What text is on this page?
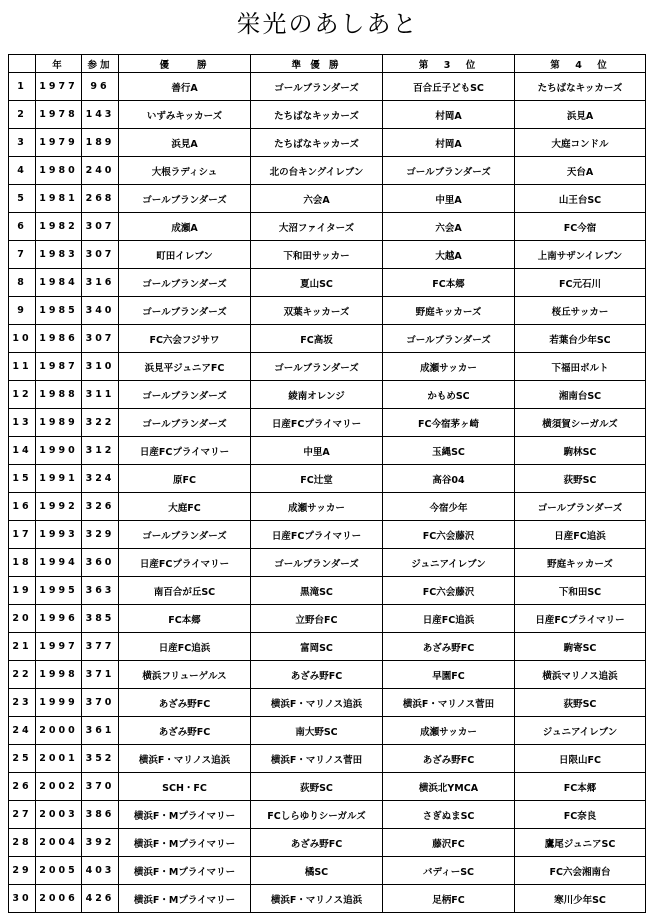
栄光のあしあと
	年	参加	優　　勝	準 優 勝	第　3　位	第　4　位
1	1977	96	善行A	ゴールブランダーズ	百合丘子どもSC	たちばなキッカーズ
2	1978	143	いずみキッカーズ	たちばなキッカーズ	村岡A	浜見A
3	1979	189	浜見A	たちばなキッカーズ	村岡A	大庭コンドル
4	1980	240	大根ラディシュ	北の台キングイレブン	ゴールブランダーズ	天台A
5	1981	268	ゴールブランダーズ	六会A	中里A	山王台SC
6	1982	307	成瀬A	大沼ファイターズ	六会A	FC今宿
7	1983	307	町田イレブン	下和田サッカー	大越A	上南サザンイレブン
8	1984	316	ゴールブランダーズ	夏山SC	FC本郷	FC元石川
9	1985	340	ゴールブランダーズ	双葉キッカーズ	野庭キッカーズ	桜丘サッカー
10	1986	307	FC六会フジサワ	FC高坂	ゴールブランダーズ	若葉台少年SC
11	1987	310	浜見平ジュニアFC	ゴールブランダーズ	成瀬サッカー	下福田ボルト
12	1988	311	ゴールブランダーズ	綾南オレンジ	かもめSC	湘南台SC
13	1989	322	ゴールブランダーズ	日産FCプライマリー	FC今宿茅ヶ崎	横須賀シーガルズ
14	1990	312	日産FCプライマリー	中里A	玉縄SC	駒林SC
15	1991	324	原FC	FC辻堂	高谷04	荻野SC
16	1992	326	大庭FC	成瀬サッカー	今宿少年	ゴールブランダーズ
17	1993	329	ゴールブランダーズ	日産FCプライマリー	FC六会藤沢	日産FC追浜
18	1994	360	日産FCプライマリー	ゴールブランダーズ	ジュニアイレブン	野庭キッカーズ
19	1995	363	南百合が丘SC	黒滝SC	FC六会藤沢	下和田SC
20	1996	385	FC本郷	立野台FC	日産FC追浜	日産FCプライマリー
21	1997	377	日産FC追浜	富岡SC	あざみ野FC	駒寄SC
22	1998	371	横浜フリューゲルス	あざみ野FC	早園FC	横浜マリノス追浜
23	1999	370	あざみ野FC	横浜F・マリノス追浜	横浜F・マリノス菅田	荻野SC
24	2000	361	あざみ野FC	南大野SC	成瀬サッカー	ジュニアイレブン
25	2001	352	横浜F・マリノス追浜	横浜F・マリノス菅田	あざみ野FC	日限山FC
26	2002	370	SCH・FC	荻野SC	横浜北YMCA	FC本郷
27	2003	386	横浜F・Mプライマリー	FCしらゆりシーガルズ	さぎぬまSC	FC奈良
28	2004	392	横浜F・Mプライマリー	あざみ野FC	藤沢FC	鷹尾ジュニアSC
29	2005	403	横浜F・Mプライマリー	橘SC	バディーSC	FC六会湘南台
30	2006	426	横浜F・Mプライマリー	横浜F・マリノス追浜	足柄FC	寒川少年SC
